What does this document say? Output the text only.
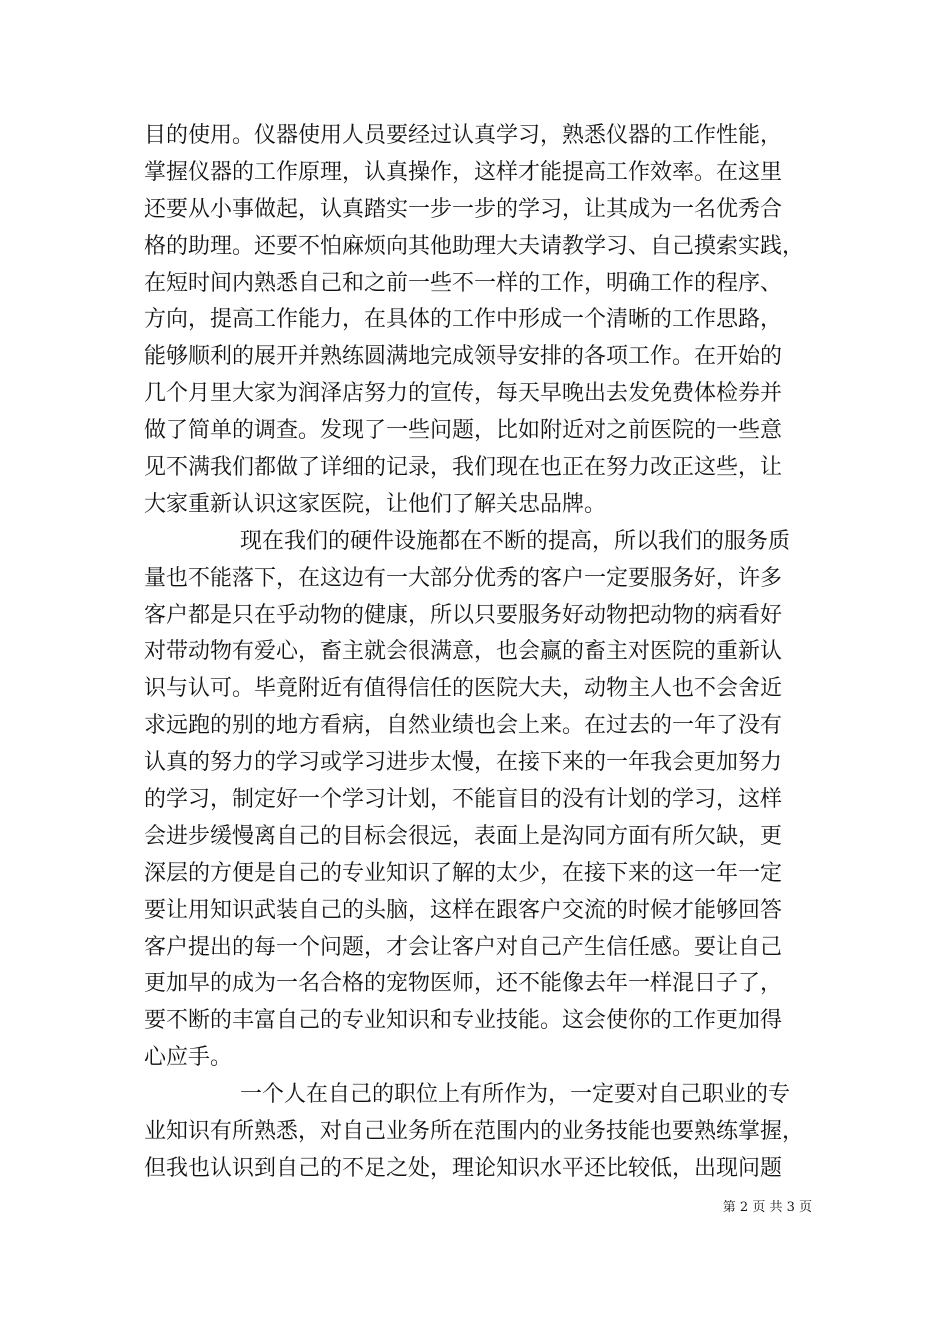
目的使用。仪器使用人员要经过认真学习，熟悉仪器的工作性能，
掌握仪器的工作原理，认真操作，这样才能提高工作效率。在这里
还要从小事做起，认真踏实一步一步的学习，让其成为一名优秀合
格的助理。还要不怕麻烦向其他助理大夫请教学习、自己摸索实践，
在短时间内熟悉自己和之前一些不一样的工作，明确工作的程序、
方向，提高工作能力，在具体的工作中形成一个清晰的工作思路，
能够顺利的展开并熟练圆满地完成领导安排的各项工作。在开始的
几个月里大家为润泽店努力的宣传，每天早晚出去发免费体检券并
做了简单的调查。发现了一些问题，比如附近对之前医院的一些意
见不满我们都做了详细的记录，我们现在也正在努力改正这些，让
大家重新认识这家医院，让他们了解关忠品牌。
现在我们的硬件设施都在不断的提高，所以我们的服务质
量也不能落下，在这边有一大部分优秀的客户一定要服务好，许多
客户都是只在乎动物的健康，所以只要服务好动物把动物的病看好
对带动物有爱心，畜主就会很满意，也会赢的畜主对医院的重新认
识与认可。毕竟附近有值得信任的医院大夫，动物主人也不会舍近
求远跑的别的地方看病，自然业绩也会上来。在过去的一年了没有
认真的努力的学习或学习进步太慢，在接下来的一年我会更加努力
的学习，制定好一个学习计划，不能盲目的没有计划的学习，这样
会进步缓慢离自己的目标会很远，表面上是沟同方面有所欠缺，更
深层的方便是自己的专业知识了解的太少，在接下来的这一年一定
要让用知识武装自己的头脑，这样在跟客户交流的时候才能够回答
客户提出的每一个问题，才会让客户对自己产生信任感。要让自己
更加早的成为一名合格的宠物医师，还不能像去年一样混日子了，
要不断的丰富自己的专业知识和专业技能。这会使你的工作更加得
心应手。
一个人在自己的职位上有所作为，一定要对自己职业的专
业知识有所熟悉，对自己业务所在范围内的业务技能也要熟练掌握，
但我也认识到自己的不足之处，理论知识水平还比较低，出现问题
第 2 页 共 3 页
